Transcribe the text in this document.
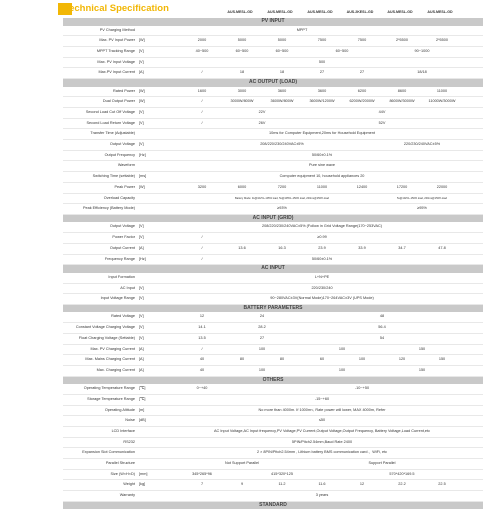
Technical Specification	AUS.MESL-GD	AUS.MESL-GD	AUS.MESL-GD	AUS.2KESL-GD	AUS.MESL-GD	AUS.MESL-GD
PV INPUT
PV Charging Method	MPPT
Max. PV Input Power [W]	2000	5000	5000	7500	7500	2*5500	2*5500
MPPT Tracking Range [V]	40~500	60~500	60~500	60~500	90~1000
Max. PV Input Voltage [V]	500
Max.PV Input Current [A]	/	18	18	27	27	18/18
AC OUTPUT (LOAD)
Rated Power [W]	1600	3000	3600	3600	6200	8600	11000
Dual Output Power [W]	/	3000W/800W	3600W/800W	3600W/1200W	6200W/2000W	8600W/3000W	11000W/3000W
Second Load Cut Off Voltage [V]	/	22V	44V
Second Load Return Voltage [V]	/	26V	52V
Transfer Time (Adjustable)	10ms for Computer Equipment,20ms for Household Equipment
Output Voltage [V]	208/220/230/240VAC±5%	220/230/240VAC±5%
Output Frequency [Hz]	50/60±0.1%
Waveform	Pure sine wave
Switching Time (settable) [ms]	Computer equipment 10, household appliances 20
Peak Power [W]	3200	6000	7200	11000	12400	17200	22000
Overload Capacity	Battery Mode: 3s@102%~105% load, 5s@105%~150% load, 200ms@150% load	5s@102%~150% load, 200ms@150% load
Peak Efficiency (Battery Mode)	≥93%	≥95%
AC INPUT (GRID)
Output Voltage [V]	208/220/230/240VAC±5% (Follow in Grid Voltage Range(170~253VAC)
Power Factor [V]	/	≥0.99
Output Current [A]	/	13.6	16.3	23.9	33.9	34.7	47.8
Frequency Range [Hz]	/	50/60±0.1%
AC INPUT
Input Formation	L+N+PE
AC Input [V]	220/230/240
Input Voltage Range [V]	90~280VAC±3V(Normal Mode)170~264VAC±3V (UPS Mode)
BATTERY PARAMETERS
Rated Voltage [V]	12	24	48
Constant Voltage Charging Voltage [V]	14.1	28.2	56.4
Float Charging Voltage (Settable) [V]	13.5	27	54
Max. PV Charging Current [A]	/	100	100	150
Max. Mains Charging Current [A]	40	80	80	60	100	120	150
Max. Charging Current [A]	40	100	100	150
OTHERS
Operating Temperature Range [℃]	0~+40	-10~+50
Storage Temperature Range [℃]	-15~+60
Operating Altitude [m]	No more than 4000m. If 1000m<, Rate power will lower, MAX 4000m, Refer
Noise [dB]	≤50
LCD Interface	AC Input Voltage,AC Input frequency,PV Voltage,PV Current,Output Voltage,Output Frequency, Battery Voltage,Load Current,etc
RS232	5PIN/Pitch2.54mm,Baud Rate 2400
Expansion Slot Communication	2 × 8PIN/Pitch2.54mm , Lithium battery BMS communication card 、WiFi, etc
Parallel Structure	Not Support Parallel	Support Parallel
Size (W×H×D) [mm]	345*265*96	415*320*125	570*420*169.5
Weight [kg]	7	9	11.2	11.6	12	22.2	22.5
Warranty	3 years
STANDARD
